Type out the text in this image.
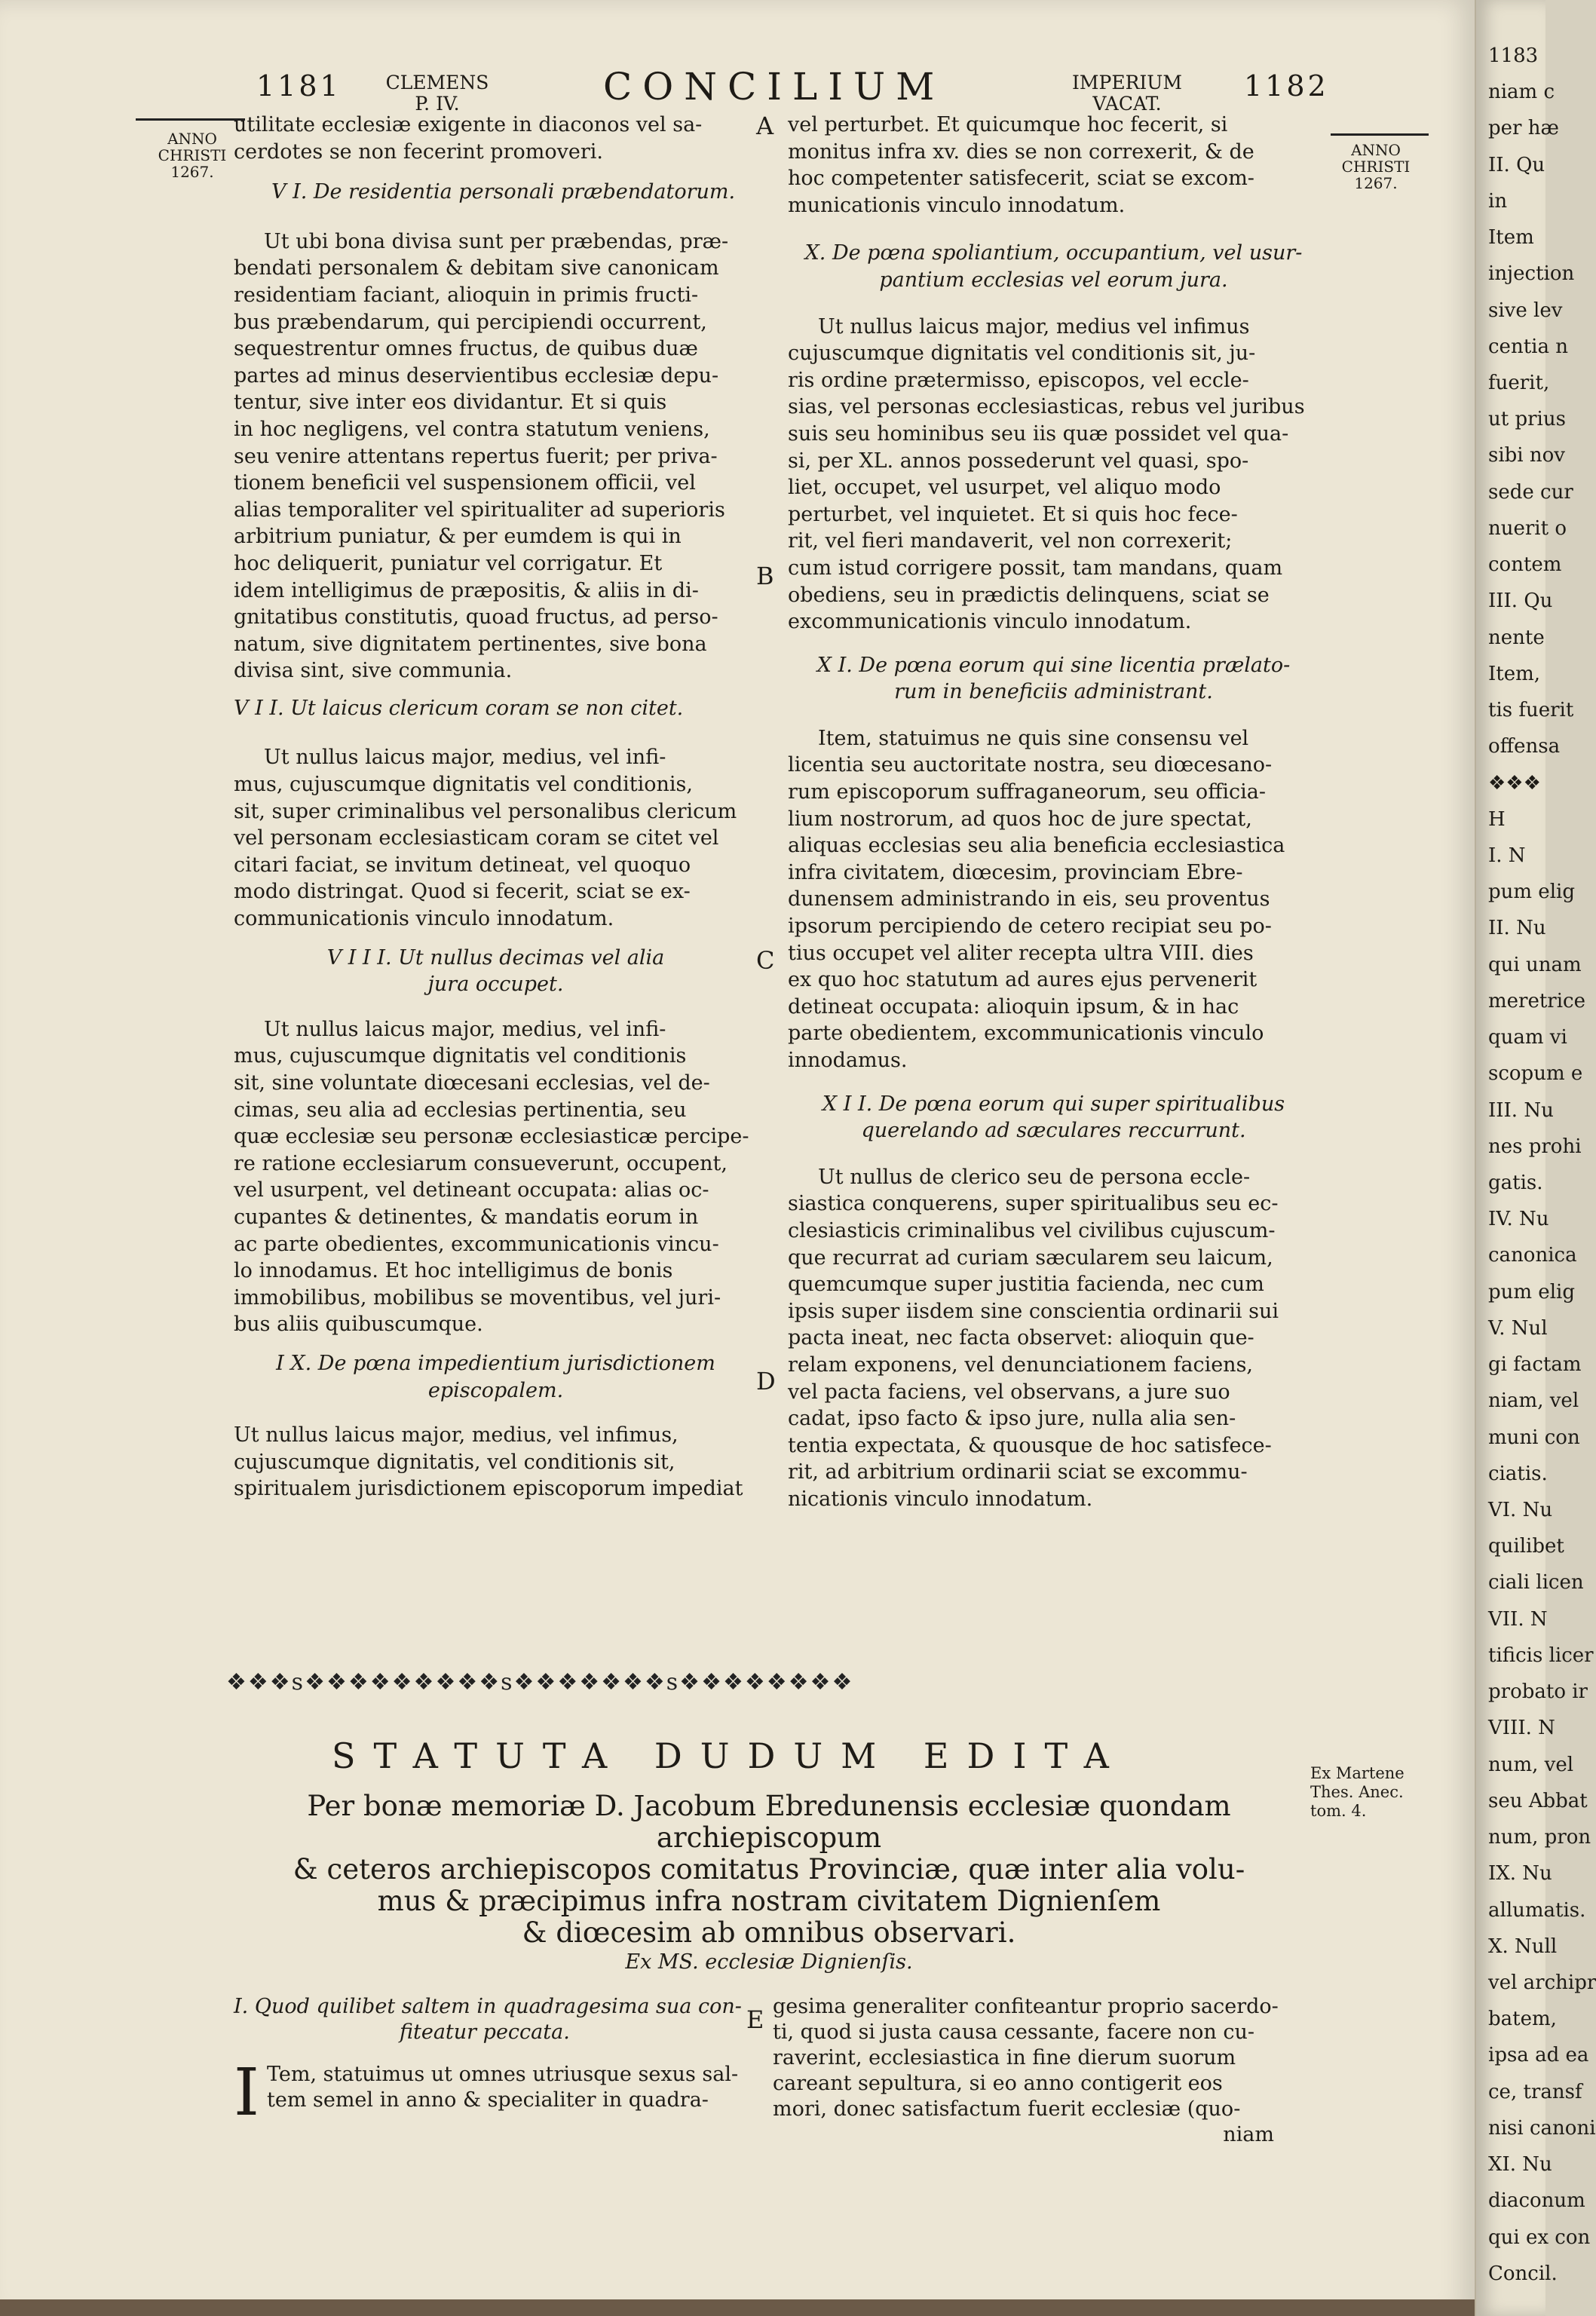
1181 CLEMENS
P. IV.	CONCILIUM	IMPERIUM
VACAT.
1182
ANNO
CHRISTI
1267.
ANNO
CHRISTI
1267.
A
B
C
D
E

utilitate ecclesiæ exigente in diaconos vel sa-

cerdotes se non fecerint promoveri.

V I. De residentia personali præbendatorum.

Ut ubi bona divisa sunt per præbendas, præ-

bendati personalem & debitam sive canonicam

residentiam faciant, alioquin in primis fructi-

bus præbendarum, qui percipiendi occurrent,

sequestrentur omnes fructus, de quibus duæ

partes ad minus deservientibus ecclesiæ depu-

tentur, sive inter eos dividantur. Et si quis

in hoc negligens, vel contra statutum veniens,

seu venire attentans repertus fuerit; per priva-

tionem beneficii vel suspensionem officii, vel

alias temporaliter vel spiritualiter ad superioris

arbitrium puniatur, & per eumdem is qui in

hoc deliquerit, puniatur vel corrigatur. Et

idem intelligimus de præpositis, & aliis in di-

gnitatibus constitutis, quoad fructus, ad perso-

natum, sive dignitatem pertinentes, sive bona

divisa sint, sive communia.

V I I. Ut laicus clericum coram se non citet.

Ut nullus laicus major, medius, vel infi-

mus, cujuscumque dignitatis vel conditionis,

sit, super criminalibus vel personalibus clericum

vel personam ecclesiasticam coram se citet vel

citari faciat, se invitum detineat, vel quoquo

modo distringat. Quod si fecerit, sciat se ex-

communicationis vinculo innodatum.

V I I I. Ut nullus decimas vel alia
jura occupet.

Ut nullus laicus major, medius, vel infi-

mus, cujuscumque dignitatis vel conditionis

sit, sine voluntate diœcesani ecclesias, vel de-

cimas, seu alia ad ecclesias pertinentia, seu

quæ ecclesiæ seu personæ ecclesiasticæ percipe-

re ratione ecclesiarum consueverunt, occupent,

vel usurpent, vel detineant occupata: alias oc-

cupantes & detinentes, & mandatis eorum in

ac parte obedientes, excommunicationis vincu-

lo innodamus. Et hoc intelligimus de bonis

immobilibus, mobilibus se moventibus, vel juri-

bus aliis quibuscumque.

I X. De pœna impedientium jurisdictionem
episcopalem.

Ut nullus laicus major, medius, vel infimus,

cujuscumque dignitatis, vel conditionis sit,

spiritualem jurisdictionem episcoporum impediat

vel perturbet. Et quicumque hoc fecerit, si

monitus infra xv. dies se non correxerit, & de

hoc competenter satisfecerit, sciat se excom-

municationis vinculo innodatum.

X. De pœna spoliantium, occupantium, vel usur-
pantium ecclesias vel eorum jura.

Ut nullus laicus major, medius vel infimus

cujuscumque dignitatis vel conditionis sit, ju-

ris ordine prætermisso, episcopos, vel eccle-

sias, vel personas ecclesiasticas, rebus vel juribus

suis seu hominibus seu iis quæ possidet vel qua-

si, per XL. annos possederunt vel quasi, spo-

liet, occupet, vel usurpet, vel aliquo modo

perturbet, vel inquietet. Et si quis hoc fece-

rit, vel fieri mandaverit, vel non correxerit;

cum istud corrigere possit, tam mandans, quam

obediens, seu in prædictis delinquens, sciat se

excommunicationis vinculo innodatum.

X I. De pœna eorum qui sine licentia prælato-
rum in beneficiis administrant.

Item, statuimus ne quis sine consensu vel

licentia seu auctoritate nostra, seu diœcesano-

rum episcoporum suffraganeorum, seu officia-

lium nostrorum, ad quos hoc de jure spectat,

aliquas ecclesias seu alia beneficia ecclesiastica

infra civitatem, diœcesim, provinciam Ebre-

dunensem administrando in eis, seu proventus

ipsorum percipiendo de cetero recipiat seu po-

tius occupet vel aliter recepta ultra VIII. dies

ex quo hoc statutum ad aures ejus pervenerit

detineat occupata: alioquin ipsum, & in hac

parte obedientem, excommunicationis vinculo

innodamus.

X I I. De pœna eorum qui super spiritualibus
querelando ad sæculares reccurrunt.

Ut nullus de clerico seu de persona eccle-

siastica conquerens, super spiritualibus seu ec-

clesiasticis criminalibus vel civilibus cujuscum-

que recurrat ad curiam sæcularem seu laicum,

quemcumque super justitia facienda, nec cum

ipsis super iisdem sine conscientia ordinarii sui

pacta ineat, nec facta observet: alioquin que-

relam exponens, vel denunciationem faciens,

vel pacta faciens, vel observans, a jure suo

cadat, ipso facto & ipso jure, nulla alia sen-

tentia expectata, & quousque de hoc satisfece-

rit, ad arbitrium ordinarii sciat se excommu-

nicationis vinculo innodatum.

❖❖❖s❖❖❖❖❖❖❖❖❖s❖❖❖❖❖❖❖s❖❖❖❖❖❖❖❖
STATUTA DUDUM EDITA	Ex Martene
Thes. Anec.
tom. 4.
Per bonæ memoriæ D. Jacobum Ebredunensis ecclesiæ quondam archiepiscopum
& ceteros archiepiscopos comitatus Provinciæ, quæ inter alia volu-
mus & præcipimus infra nostram civitatem Dignienſem
& diœcesim ab omnibus observari.
Ex MS. ecclesiæ Dignienſis.
I. Quod quilibet saltem in quadragesima sua con-
fiteatur peccata.
I Tem, statuimus ut omnes utriusque sexus sal-
tem semel in anno & specialiter in quadra-
gesima generaliter confiteantur proprio sacerdo-
ti, quod si justa causa cessante, facere non cu-
raverint, ecclesiastica in fine dierum suorum
careant sepultura, si eo anno contigerit eos
mori, donec satisfactum fuerit ecclesiæ (quo-
niam
1183
niam c
per hæ
II. Qu
in
Item
injection
sive lev
centia n
fuerit,
ut prius
sibi nov
sede cur
nuerit o
contem
III. Qu
nente
Item,
tis fuerit
offensa
❖❖❖
H
I. N
pum elig
II. Nu
qui unam
meretrice
quam vi
scopum e
III. Nu
nes prohi
gatis.
IV. Nu
canonica
pum elig
V. Nul
gi factam
niam, vel
muni con
ciatis.
VI. Nu
quilibet
ciali licen
VII. N
tificis licer
probato ir
VIII. N
num, vel
seu Abbat
num, pron
IX. Nu
allumatis.
X. Null
vel archipr
batem,
ipsa ad ea
ce, transf
nisi canoni
XI. Nu
diaconum
qui ex con
Concil.
